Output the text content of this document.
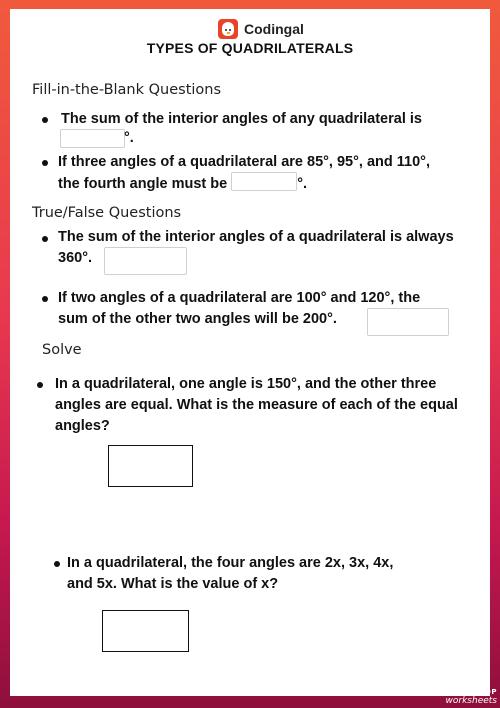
Codingal
TYPES OF QUADRILATERALS
Fill-in-the-Blank Questions
The sum of the interior angles of any quadrilateral is
°.
If three angles of a quadrilateral are 85°, 95°, and 110°,
the fourth angle must be	°.
True/False Questions
The sum of the interior angles of a quadrilateral is always
360°.
If two angles of a quadrilateral are 100° and 120°, the
sum of the other two angles will be 200°.
Solve
In a quadrilateral, one angle is 150°, and the other three
angles are equal. What is the measure of each of the equal
angles?
In a quadrilateral, the four angles are 2x, 3x, 4x,
and 5x. What is the value of x?
TOP
worksheets
